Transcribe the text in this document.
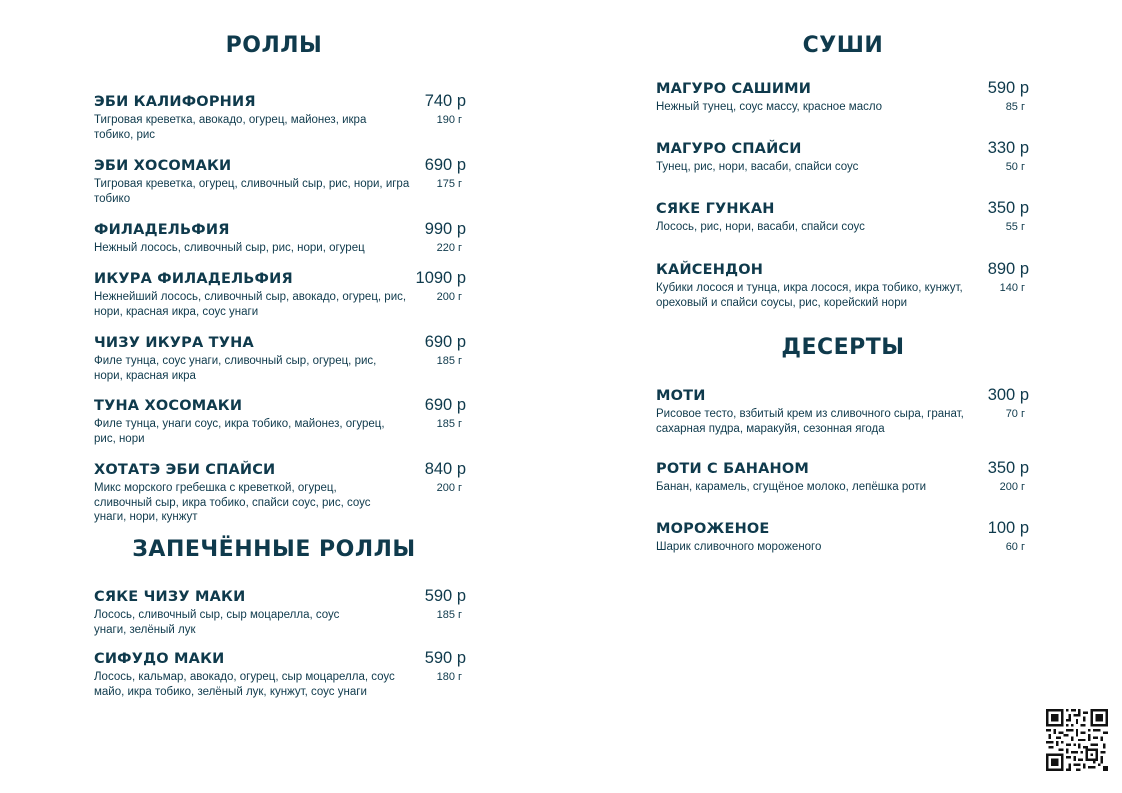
РОЛЛЫ
ЭБИ КАЛИФОРНИЯ	740 р
Тигровая креветка, авокадо, огурец, майонез, икра тобико, рис
190 г
ЭБИ ХОСОМАКИ	690 р
Тигровая креветка, огурец, сливочный сыр, рис, нори, игра тобико
175 г
ФИЛАДЕЛЬФИЯ	990 р
Нежный лосось, сливочный сыр, рис, нори, огурец	220 г
ИКУРА ФИЛАДЕЛЬФИЯ	1090 р
Нежнейший лосось, сливочный сыр, авокадо, огурец, рис, нори, красная икра, соус унаги
200 г
ЧИЗУ ИКУРА ТУНА	690 р
Филе тунца, соус унаги, сливочный сыр, огурец, рис, нори, красная икра
185 г
ТУНА ХОСОМАКИ	690 р
Филе тунца, унаги соус, икра тобико, майонез, огурец, рис, нори
185 г
ХОТАТЭ ЭБИ СПАЙСИ	840 р
Микс морского гребешка с креветкой, огурец, сливочный сыр, икра тобико, спайси соус, рис, соус унаги, нори, кунжут
200 г
ЗАПЕЧЁННЫЕ РОЛЛЫ
СЯКЕ ЧИЗУ МАКИ	590 р
Лосось, сливочный сыр, сыр моцарелла, соус унаги, зелёный лук
185 г
СИФУДО МАКИ	590 р
Лосось, кальмар, авокадо, огурец, сыр моцарелла, соус майо, икра тобико, зелёный лук, кунжут, соус унаги
180 г
СУШИ
МАГУРО САШИМИ	590 р
Нежный тунец, соус массу, красное масло	85 г
МАГУРО СПАЙСИ	330 р
Тунец, рис, нори, васаби, спайси соус	50 г
СЯКЕ ГУНКАН	350 р
Лосось, рис, нори, васаби, спайси соус	55 г
КАЙСЕНДОН	890 р
Кубики лосося и тунца, икра лосося, икра тобико, кунжут, ореховый и спайси соусы, рис, корейский нори
140 г
ДЕСЕРТЫ
МОТИ	300 р
Рисовое тесто, взбитый крем из сливочного сыра, гранат, сахарная пудра, маракуйя, сезонная ягода
70 г
РОТИ С БАНАНОМ	350 р
Банан, карамель, сгущёное молоко, лепёшка роти	200 г
МОРОЖЕНОЕ	100 р
Шарик сливочного мороженого	60 г
